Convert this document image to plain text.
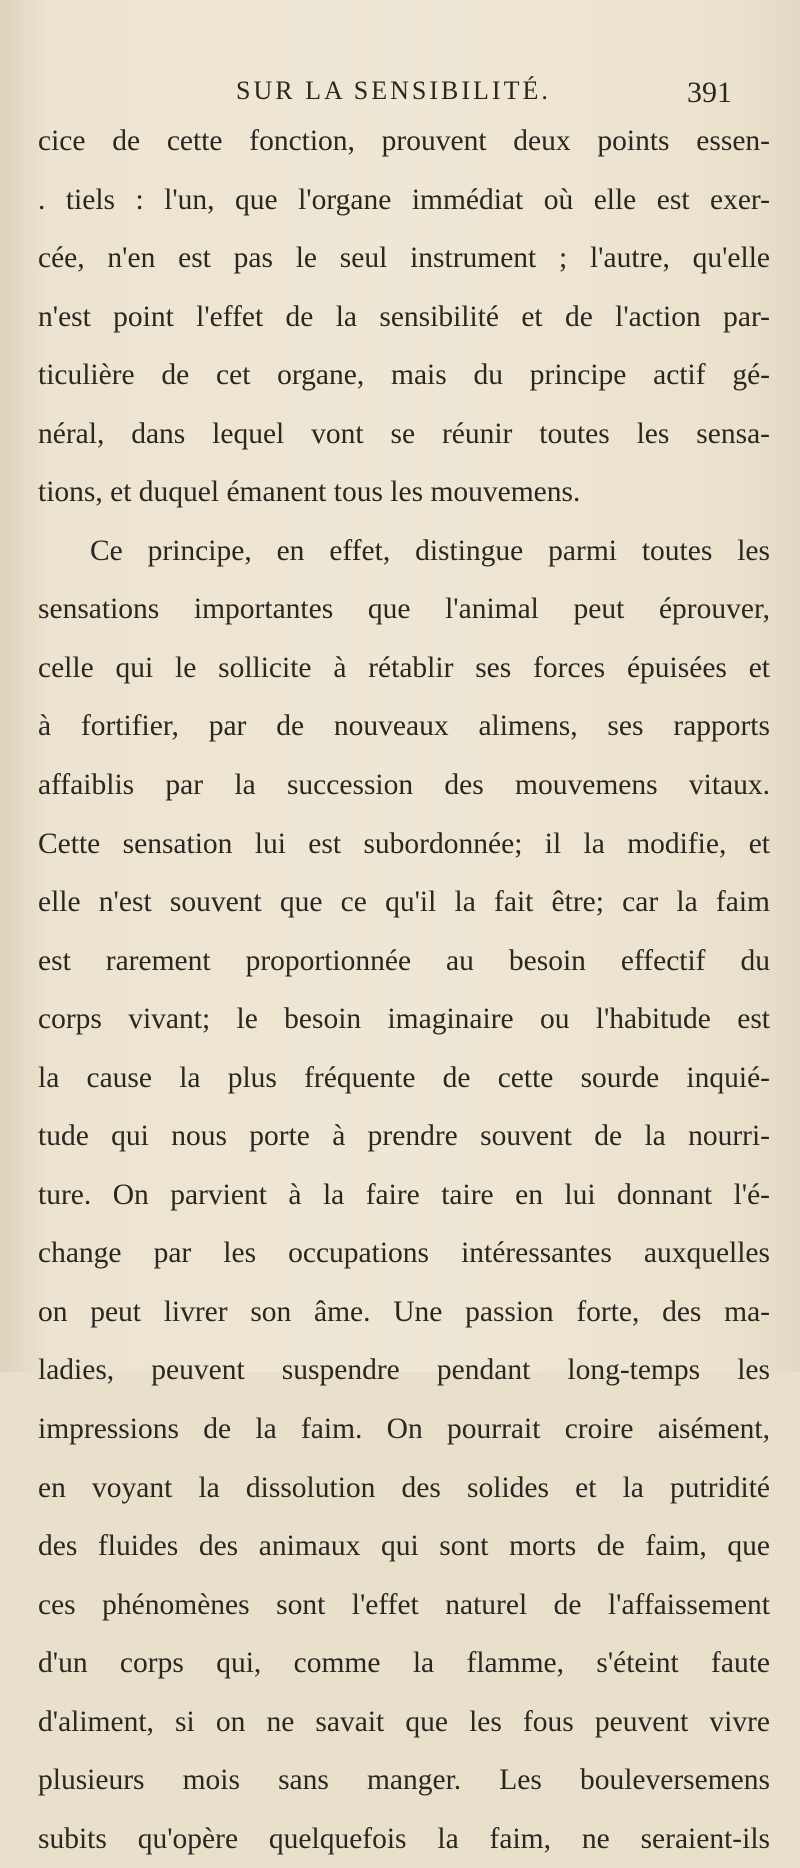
SUR LA SENSIBILITÉ.	391
cice de cette fonction, prouvent deux points essen-
. tiels : l'un, que l'organe immédiat où elle est exer-
cée, n'en est pas le seul instrument ; l'autre, qu'elle
n'est point l'effet de la sensibilité et de l'action par-
ticulière de cet organe, mais du principe actif gé-
néral, dans lequel vont se réunir toutes les sensa-
tions, et duquel émanent tous les mouvemens.
Ce principe, en effet, distingue parmi toutes les
sensations importantes que l'animal peut éprouver,
celle qui le sollicite à rétablir ses forces épuisées et
à fortifier, par de nouveaux alimens, ses rapports
affaiblis par la succession des mouvemens vitaux.
Cette sensation lui est subordonnée; il la modifie, et
elle n'est souvent que ce qu'il la fait être; car la faim
est rarement proportionnée au besoin effectif du
corps vivant; le besoin imaginaire ou l'habitude est
la cause la plus fréquente de cette sourde inquié-
tude qui nous porte à prendre souvent de la nourri-
ture. On parvient à la faire taire en lui donnant l'é-
change par les occupations intéressantes auxquelles
on peut livrer son âme. Une passion forte, des ma-
ladies, peuvent suspendre pendant long-temps les
impressions de la faim. On pourrait croire aisément,
en voyant la dissolution des solides et la putridité
des fluides des animaux qui sont morts de faim, que
ces phénomènes sont l'effet naturel de l'affaissement
d'un corps qui, comme la flamme, s'éteint faute
d'aliment, si on ne savait que les fous peuvent vivre
plusieurs mois sans manger. Les bouleversemens
subits qu'opère quelquefois la faim, ne seraient-ils
